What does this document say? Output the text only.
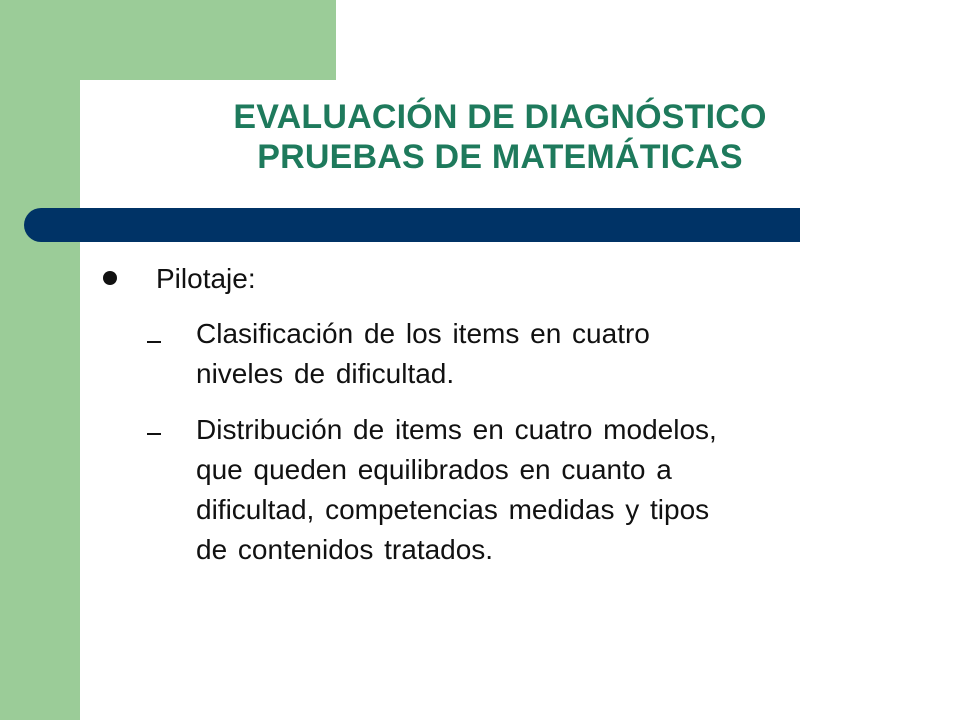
EVALUACIÓN DE DIAGNÓSTICO
PRUEBAS DE MATEMÁTICAS
Pilotaje:
Clasificación de los items en cuatro
niveles de dificultad.
Distribución de items en cuatro modelos,
que queden equilibrados en cuanto a
dificultad, competencias medidas y tipos
de contenidos tratados.
